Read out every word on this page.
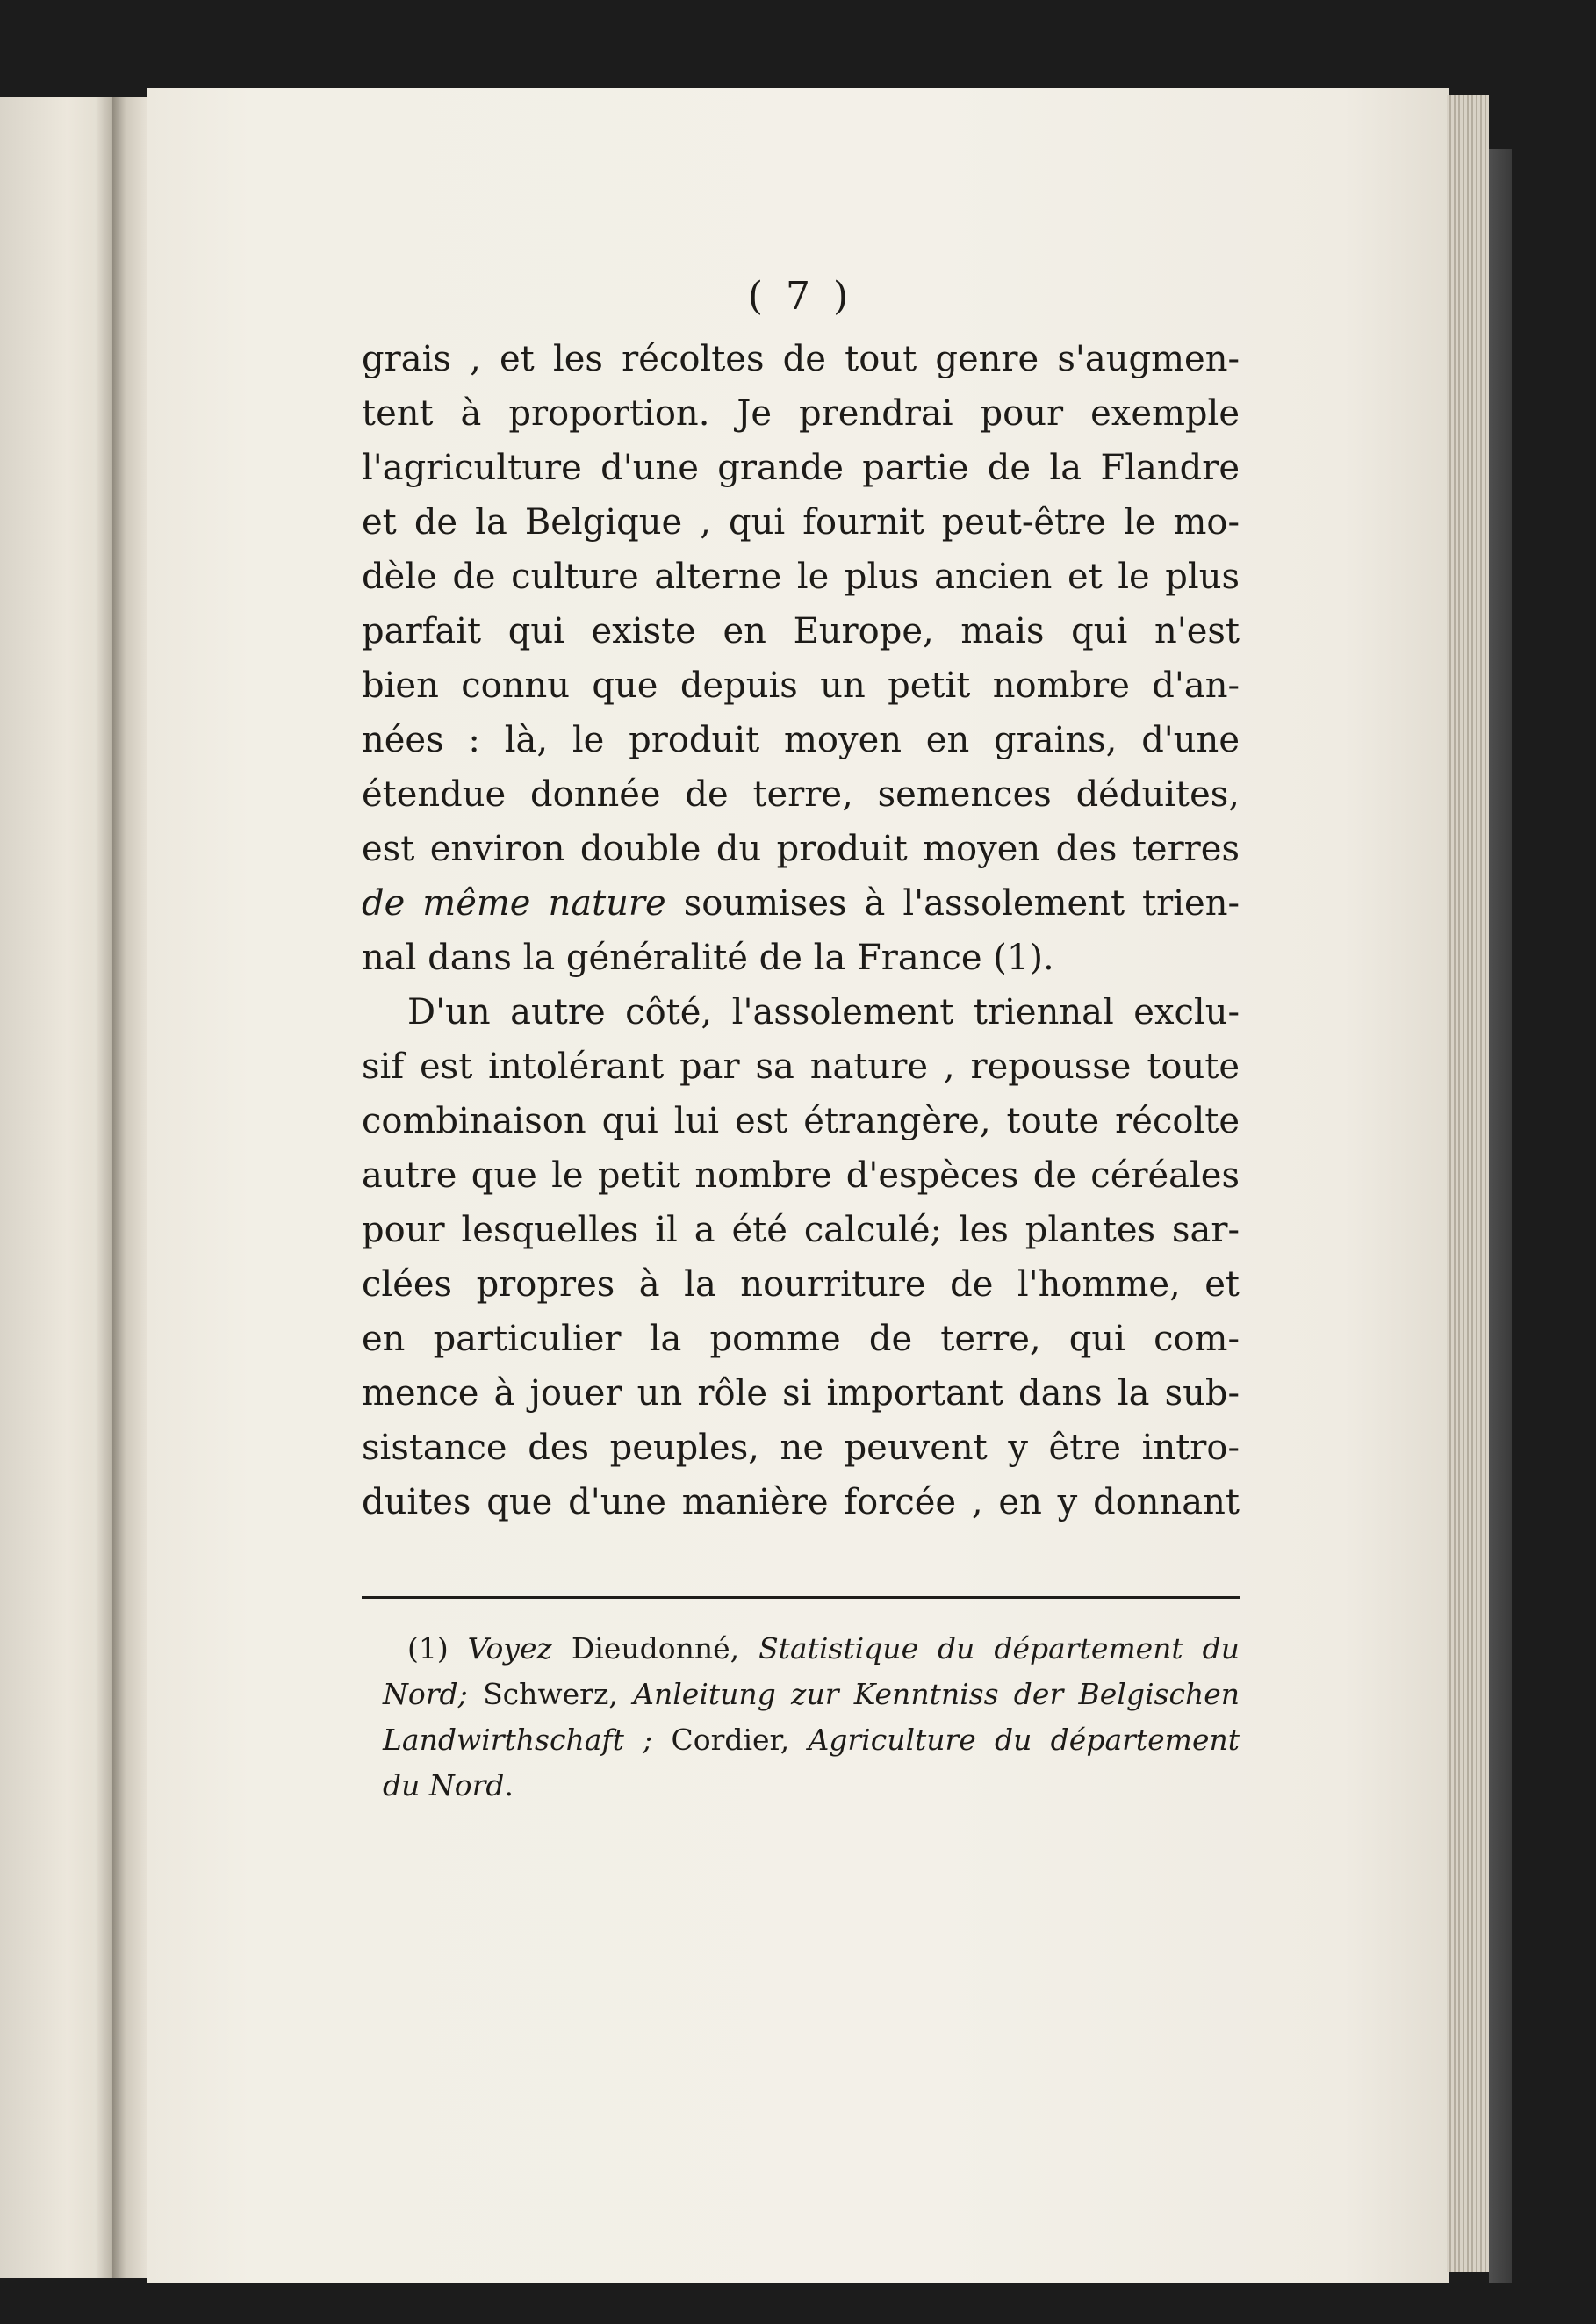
( 7 )
grais , et les récoltes de tout genre s'augmen-
tent à proportion. Je prendrai pour exemple
l'agriculture d'une grande partie de la Flandre
et de la Belgique , qui fournit peut-être le mo-
dèle de culture alterne le plus ancien et le plus
parfait qui existe en Europe, mais qui n'est
bien connu que depuis un petit nombre d'an-
nées : là, le produit moyen en grains, d'une
étendue donnée de terre, semences déduites,
est environ double du produit moyen des terres
de même nature soumises à l'assolement trien-
nal dans la généralité de la France (1).
D'un autre côté, l'assolement triennal exclu-
sif est intolérant par sa nature , repousse toute
combinaison qui lui est étrangère, toute récolte
autre que le petit nombre d'espèces de céréales
pour lesquelles il a été calculé; les plantes sar-
clées propres à la nourriture de l'homme, et
en particulier la pomme de terre, qui com-
mence à jouer un rôle si important dans la sub-
sistance des peuples, ne peuvent y être intro-
duites que d'une manière forcée , en y donnant
(1) Voyez Dieudonné, Statistique du département du
Nord; Schwerz, Anleitung zur Kenntniss der Belgischen
Landwirthschaft ; Cordier, Agriculture du département
du Nord.
